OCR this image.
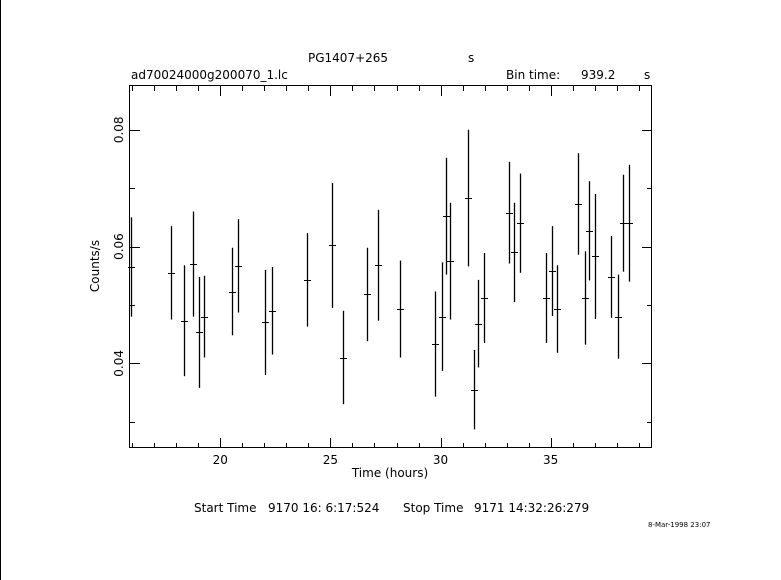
PG1407+265	s
ad70024000g200070_1.lc	Bin time: 939.2 s
20	25	30	35
0.04
0.06
0.08
Time (hours)
Counts/s
Start Time 9170 16: 6:17:524 Stop Time 9171 14:32:26:279
8-Mar-1998 23:07
